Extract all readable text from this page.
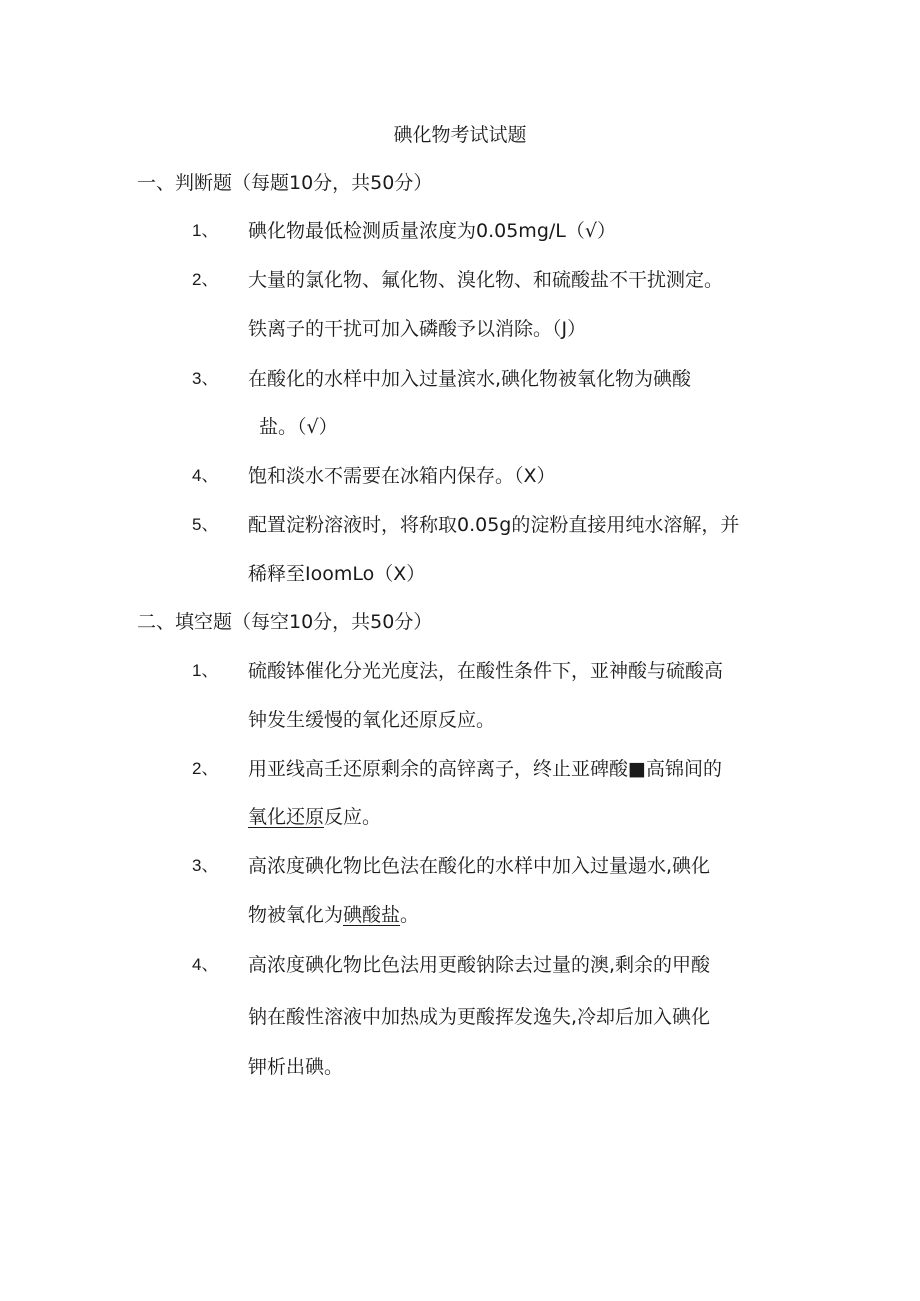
碘化物考试试题
一、判断题（每题10分，共50分）
1、 碘化物最低检测质量浓度为0.05mg/L（√）
2、 大量的氯化物、氟化物、溴化物、和硫酸盐不干扰测定。
铁离子的干扰可加入磷酸予以消除。（J）
3、 在酸化的水样中加入过量滨水,碘化物被氧化物为碘酸
盐。（√）
4、 饱和淡水不需要在冰箱内保存。（X）
5、 配置淀粉溶液时，将称取0.05g的淀粉直接用纯水溶解，并
稀释至IoomLo（X）
二、填空题（每空10分，共50分）
1、 硫酸钵催化分光光度法，在酸性条件下，亚神酸与硫酸高
钟发生缓慢的氧化还原反应。
2、 用亚线高壬还原剩余的高锌离子，终止亚碑酸■高锦间的
氧化还原反应。
3、 高浓度碘化物比色法在酸化的水样中加入过量遢水,碘化
物被氧化为碘酸盐。
4、 高浓度碘化物比色法用更酸钠除去过量的澳,剩余的甲酸
钠在酸性溶液中加热成为更酸挥发逸失,冷却后加入碘化
钾析出碘。
